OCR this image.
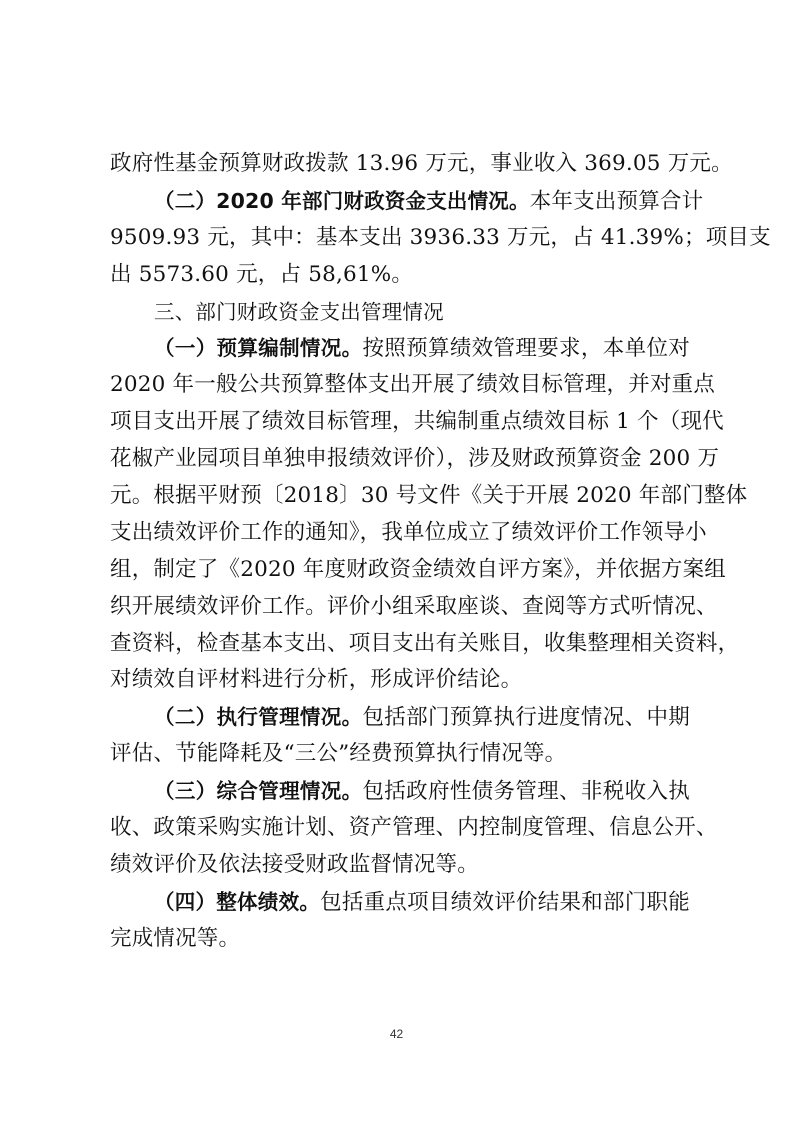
政府性基金预算财政拨款 13.96 万元，事业收入 369.05 万元。
（二）2020 年部门财政资金支出情况。本年支出预算合计
9509.93 元，其中：基本支出 3936.33 万元，占 41.39%；项目支
出 5573.60 元，占 58,61%。
三、部门财政资金支出管理情况
（一）预算编制情况。按照预算绩效管理要求，本单位对
2020 年一般公共预算整体支出开展了绩效目标管理，并对重点
项目支出开展了绩效目标管理，共编制重点绩效目标 1 个（现代
花椒产业园项目单独申报绩效评价），涉及财政预算资金 200 万
元。根据平财预〔2018〕30 号文件《关于开展 2020 年部门整体
支出绩效评价工作的通知》，我单位成立了绩效评价工作领导小
组，制定了《2020 年度财政资金绩效自评方案》，并依据方案组
织开展绩效评价工作。评价小组采取座谈、查阅等方式听情况、
查资料，检查基本支出、项目支出有关账目，收集整理相关资料，
对绩效自评材料进行分析，形成评价结论。
（二）执行管理情况。包括部门预算执行进度情况、中期
评估、节能降耗及“三公”经费预算执行情况等。
（三）综合管理情况。包括政府性债务管理、非税收入执
收、政策采购实施计划、资产管理、内控制度管理、信息公开、
绩效评价及依法接受财政监督情况等。
（四）整体绩效。包括重点项目绩效评价结果和部门职能
完成情况等。
42
